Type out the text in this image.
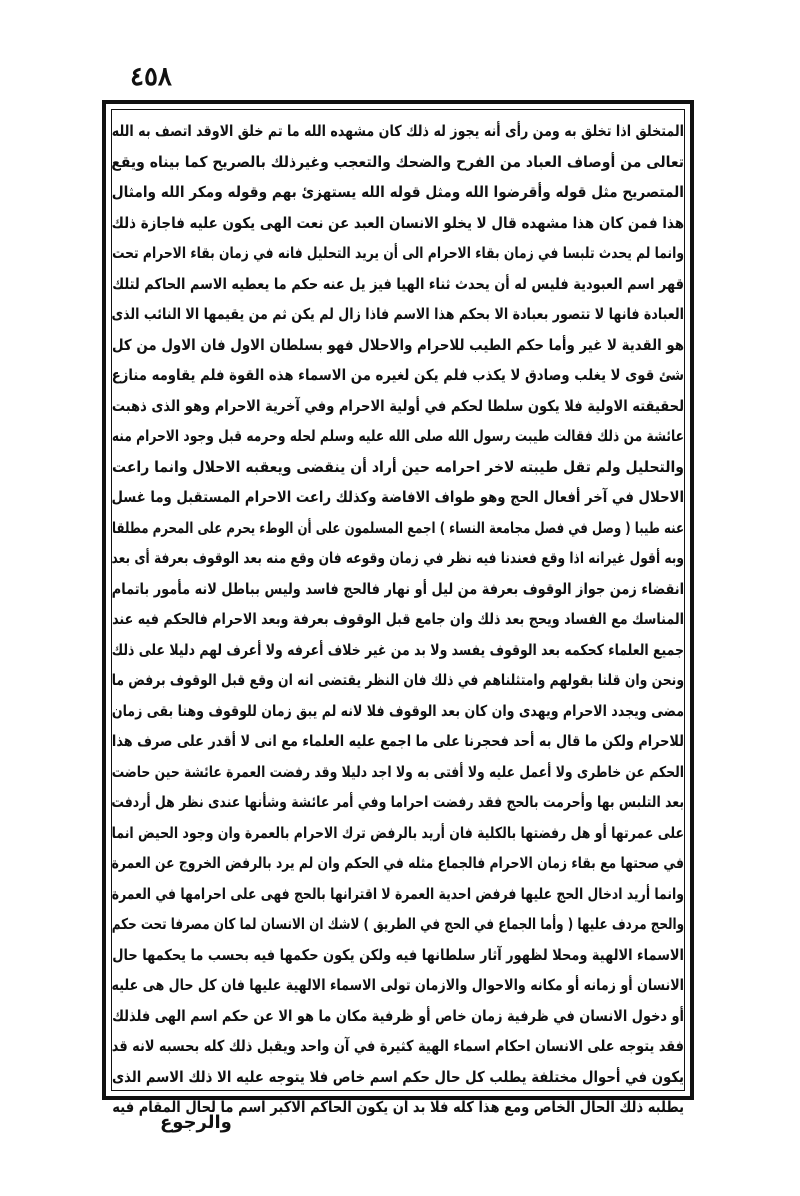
٤٥٨
المتخلق اذا تخلق به ومن رأى أنه يجوز له ذلك كان مشهده الله ما تم خلق الاوقد اتصف به الله
تعالى من أوصاف العباد من الفرح والضحك والتعجب وغيرذلك بالصريح كما بيناه ويقع
المتصريح مثل قوله وأقرضوا الله ومثل قوله الله يستهزئ بهم وقوله ومكر الله وامثال
هذا فمن كان هذا مشهده قال لا يخلو الانسان العبد عن نعت الهى يكون عليه فاجازة ذلك
وانما لم يحدث تلبسا في زمان بقاء الاحرام الى أن يريد التحليل فانه في زمان بقاء الاحرام تحت
قهر اسم العبودية فليس له أن يحدث ثناء الهيا فيز يل عنه حكم ما يعطيه الاسم الحاكم لتلك
العبادة فانها لا تتصور بعبادة الا بحكم هذا الاسم فاذا زال لم يكن ثم من يقيمها الا النائب الذى
هو القدية لا غير وأما حكم الطيب للاحرام والاحلال فهو بسلطان الاول فان الاول من كل
شئ قوى لا يغلب وصادق لا يكذب فلم يكن لغيره من الاسماء هذه القوة فلم يقاومه منازع
لحقيقته الاولية فلا يكون سلطا لحكم في أولية الاحرام وفي آخرية الاحرام وهو الذى ذهبت
عائشة من ذلك فقالت طيبت رسول الله صلى الله عليه وسلم لحله وحرمه قبل وجود الاحرام منه
والتحليل ولم تقل طيبته لاخر احرامه حين أراد أن ينقضى ويعقبه الاحلال وانما راعت
الاحلال في آخر أفعال الحج وهو طواف الافاضة وكذلك راعت الاحرام المستقبل وما غسل
عنه طيبا ( وصل في فصل مجامعة النساء ) اجمع المسلمون على أن الوطء يحرم على المحرم مطلقا
وبه أقول غيرانه اذا وقع فعندنا فيه نظر في زمان وقوعه فان وقع منه بعد الوقوف بعرفة أى بعد
انقضاء زمن جواز الوقوف بعرفة من ليل أو نهار فالحج فاسد وليس بباطل لانه مأمور باتمام
المناسك مع الفساد ويحج بعد ذلك وان جامع قبل الوقوف بعرفة وبعد الاحرام فالحكم فيه عند
جميع العلماء كحكمه بعد الوقوف يفسد ولا بد من غير خلاف أعرفه ولا أعرف لهم دليلا على ذلك
ونحن وان قلنا بقولهم وامتثلناهم في ذلك فان النظر يقتضى انه ان وقع قبل الوقوف برفض ما
مضى ويجدد الاحرام ويهدى وان كان بعد الوقوف فلا لانه لم يبق زمان للوقوف وهنا بقى زمان
للاحرام ولكن ما قال به أحد فحجرنا على ما اجمع عليه العلماء مع انى لا أقدر على صرف هذا
الحكم عن خاطرى ولا أعمل عليه ولا أفتى به ولا اجد دليلا وقد رفضت العمرة عائشة حين حاضت
بعد التلبس بها وأحرمت بالحج فقد رفضت احراما وفي أمر عائشة وشأنها عندى نظر هل أردفت
على عمرتها أو هل رفضتها بالكلية فان أريد بالرفض ترك الاحرام بالعمرة وان وجود الحيض انما
في صحتها مع بقاء زمان الاحرام فالجماع مثله في الحكم وان لم يرد بالرفض الخروج عن العمرة
وانما أريد ادخال الحج عليها فرفض احدية العمرة لا اقترانها بالحج فهى على احرامها في العمرة
والحج مردف عليها ( وأما الجماع في الحج في الطريق ) لاشك ان الانسان لما كان مصرفا تحت حكم
الاسماء الالهية ومحلا لظهور آثار سلطانها فيه ولكن يكون حكمها فيه بحسب ما يحكمها حال
الانسان أو زمانه أو مكانه والاحوال والازمان تولى الاسماء الالهية عليها فان كل حال هى عليه
أو دخول الانسان في ظرفية زمان خاص أو ظرفية مكان ما هو الا عن حكم اسم الهى فلذلك
فقد يتوجه على الانسان احكام اسماء الهية كثيرة في آن واحد ويقبل ذلك كله بحسبه لانه قد
يكون في أحوال مختلفة يطلب كل حال حكم اسم خاص فلا يتوجه عليه الا ذلك الاسم الذى
يطلبه ذلك الحال الخاص ومع هذا كله فلا بد أن يكون الحاكم الاكبر اسم ما لحال المقام فيه
والرجوع
